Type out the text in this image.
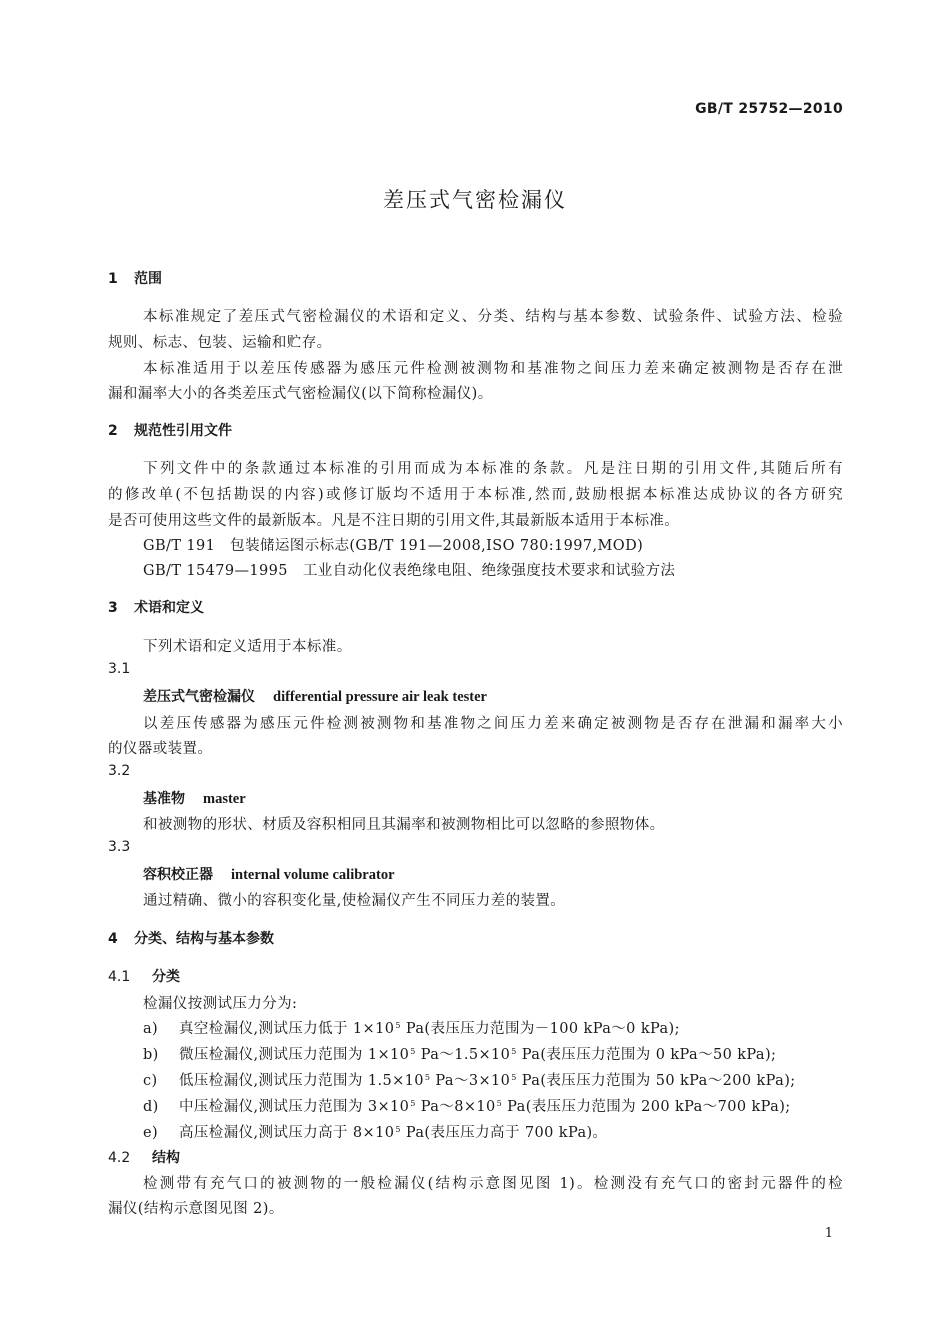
GB/T 25752—2010
差压式气密检漏仪
1 范围
本标准规定了差压式气密检漏仪的术语和定义、分类、结构与基本参数、试验条件、试验方法、检验
规则、标志、包装、运输和贮存。
本标准适用于以差压传感器为感压元件检测被测物和基准物之间压力差来确定被测物是否存在泄
漏和漏率大小的各类差压式气密检漏仪(以下简称检漏仪)。
2 规范性引用文件
下列文件中的条款通过本标准的引用而成为本标准的条款。凡是注日期的引用文件,其随后所有
的修改单(不包括勘误的内容)或修订版均不适用于本标准,然而,鼓励根据本标准达成协议的各方研究
是否可使用这些文件的最新版本。凡是不注日期的引用文件,其最新版本适用于本标准。
GB/T 191　包装储运图示标志(GB/T 191—2008,ISO 780:1997,MOD)
GB/T 15479—1995　工业自动化仪表绝缘电阻、绝缘强度技术要求和试验方法
3 术语和定义
下列术语和定义适用于本标准。
3.1
差压式气密检漏仪 differential pressure air leak tester
以差压传感器为感压元件检测被测物和基准物之间压力差来确定被测物是否存在泄漏和漏率大小
的仪器或装置。
3.2
基准物 master
和被测物的形状、材质及容积相同且其漏率和被测物相比可以忽略的参照物体。
3.3
容积校正器 internal volume calibrator
通过精确、微小的容积变化量,使检漏仪产生不同压力差的装置。
4 分类、结构与基本参数
4.1 分类
检漏仪按测试压力分为:
a) 真空检漏仪,测试压力低于 $1\times 10^5$ Pa(表压压力范围为－100 kPa～0 kPa);
b) 微压检漏仪,测试压力范围为 $1\times 10^5$ $Pa\sim 1.5\times 10^5$ Pa(表压压力范围为 0 kPa～50 kPa);
c) 低压检漏仪,测试压力范围为 $1.5\times 10^5$ $Pa\sim 3\times 10^5$ Pa(表压压力范围为 50 kPa～200 kPa);
d) 中压检漏仪,测试压力范围为 $3\times 10^5$ $Pa\sim 8\times 10^5$ Pa(表压压力范围为 200 kPa～700 kPa);
e) 高压检漏仪,测试压力高于 $8\times 10^5$ Pa(表压压力高于 700 kPa)。
4.2 结构
检测带有充气口的被测物的一般检漏仪(结构示意图见图 1)。检测没有充气口的密封元器件的检
漏仪(结构示意图见图 2)。
1
